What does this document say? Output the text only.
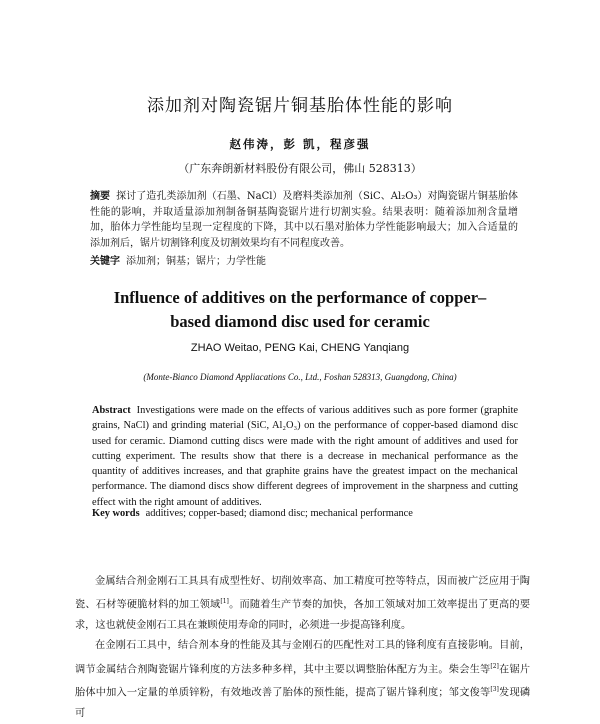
添加剂对陶瓷锯片铜基胎体性能的影响
赵伟涛，彭 凯，程彦强
（广东奔朗新材料股份有限公司，佛山 528313）
摘要 探讨了造孔类添加剂（石墨、NaCl）及磨料类添加剂（SiC、Al₂O₃）对陶瓷锯片铜基胎体性能的影响，并取适量添加剂制备铜基陶瓷锯片进行切割实验。结果表明：随着添加剂含量增加，胎体力学性能均呈现一定程度的下降，其中以石墨对胎体力学性能影响最大；加入合适量的添加剂后，锯片切割锋利度及切割效果均有不同程度改善。
关键字 添加剂；铜基；锯片；力学性能
Influence of additives on the performance of copper–
based diamond disc used for ceramic
ZHAO Weitao, PENG Kai, CHENG Yanqiang
(Monte-Bianco Diamond Appliacations Co., Ltd., Foshan 528313, Guangdong, China)
Abstract Investigations were made on the effects of various additives such as pore former (graphite grains, NaCl) and grinding material (SiC, Al₂O₃) on the performance of copper-based diamond disc used for ceramic. Diamond cutting discs were made with the right amount of additives and used for cutting experiment. The results show that there is a decrease in mechanical performance as the quantity of additives increases, and that graphite grains have the greatest impact on the mechanical performance. The diamond discs show different degrees of improvement in the sharpness and cutting effect with the right amount of additives.
Key words additives; copper-based; diamond disc; mechanical performance

金属结合剂金刚石工具具有成型性好、切削效率高、加工精度可控等特点，因而被广泛应用于陶瓷、石材等硬脆材料的加工领域[1]。而随着生产节奏的加快，各加工领域对加工效率提出了更高的要求，这也就使金刚石工具在兼顾使用寿命的同时，必须进一步提高锋利度。

在金刚石工具中，结合剂本身的性能及其与金刚石的匹配性对工具的锋利度有直接影响。目前，调节金属结合剂陶瓷锯片锋利度的方法多种多样，其中主要以调整胎体配方为主。柴会生等[2]在锯片胎体中加入一定量的单质锌粉，有效地改善了胎体的预性能，提高了锯片锋利度；邹文俊等[3]发现磷可
